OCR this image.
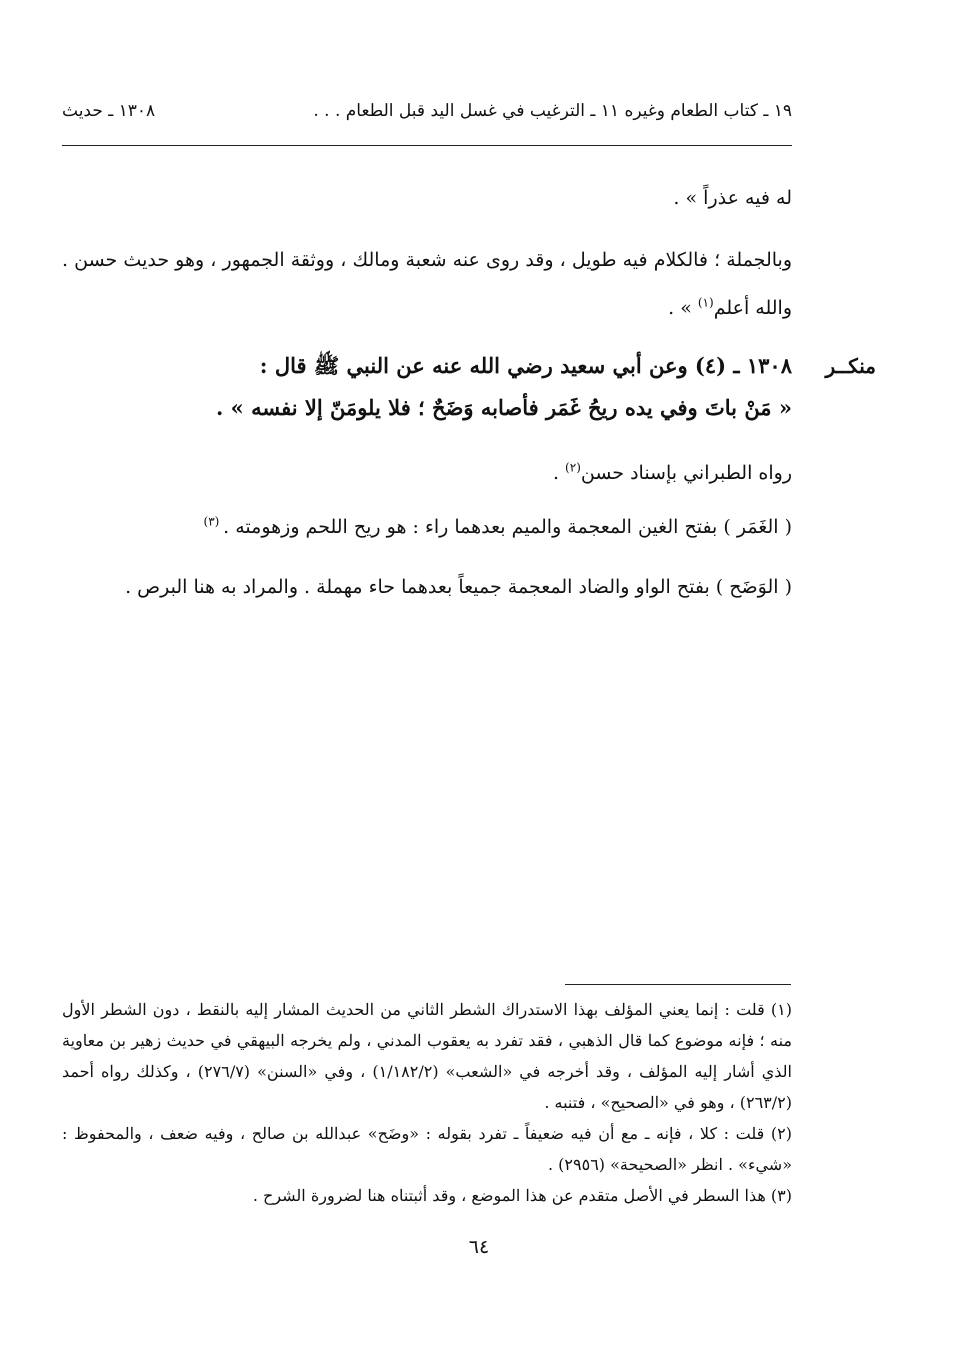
١٩ ـ كتاب الطعام وغيره ١١ ـ الترغيب في غسل اليد قبل الطعام . . .
١٣٠٨ ـ حديث
له فيه عذراً » .
وبالجملة ؛ فالكلام فيه طويل ، وقد روى عنه شعبة ومالك ، ووثقة الجمهور ، وهو حديث حسن . والله أعلم$^{(١)}$ » .
منكــر
١٣٠٨ ـ (٤) وعن أبي سعيد رضي الله عنه عن النبي ﷺ قال :
« مَنْ باتَ وفي يده ريحُ غَمَر فأصابه وَضَحٌ ؛ فلا يلومَنّ إلا نفسه » .
رواه الطبراني بإسناد حسن$^{(٢)}$ .
( الغَمَر ) بفتح الغين المعجمة والميم بعدهما راء : هو ريح اللحم وزهومته . $^{(٣)}$
( الوَضَح ) بفتح الواو والضاد المعجمة جميعاً بعدهما حاء مهملة . والمراد به هنا البرص .
(١) قلت : إنما يعني المؤلف بهذا الاستدراك الشطر الثاني من الحديث المشار إليه بالنقط ، دون الشطر الأول منه ؛ فإنه موضوع كما قال الذهبي ، فقد تفرد به يعقوب المدني ، ولم يخرجه البيهقي في حديث زهير بن معاوية الذي أشار إليه المؤلف ، وقد أخرجه في «الشعب» (١/١٨٢/٢) ، وفي «السنن» (٢٧٦/٧) ، وكذلك رواه أحمد (٢٦٣/٢) ، وهو في «الصحيح» ، فتنبه .
(٢) قلت : كلا ، فإنه ـ مع أن فيه ضعيفاً ـ تفرد بقوله : «وضَح» عبدالله بن صالح ، وفيه ضعف ، والمحفوظ : «شيء» . انظر «الصحيحة» (٢٩٥٦) .
(٣) هذا السطر في الأصل متقدم عن هذا الموضع ، وقد أثبتناه هنا لضرورة الشرح .
٦٤
